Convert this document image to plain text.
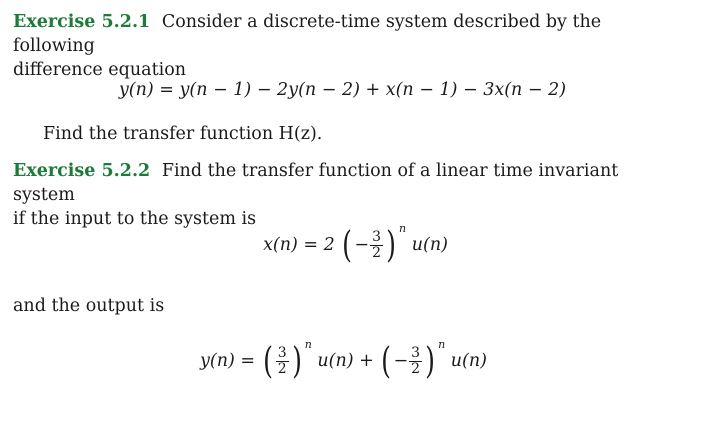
Exercise 5.2.1 Consider a discrete-time system described by the following
difference equation
y(n) = y(n − 1) − 2y(n − 2) + x(n − 1) − 3x(n − 2)
Find the transfer function H(z).
Exercise 5.2.2 Find the transfer function of a linear time invariant system
if the input to the system is
x(n) = 2 ( − $\frac{3}{2}$ ) $^n$ u(n)
and the output is
y(n) = ( $\frac{3}{2}$ ) $^n$ u(n) + ( − $\frac{3}{2}$ ) $^n$ u(n)
